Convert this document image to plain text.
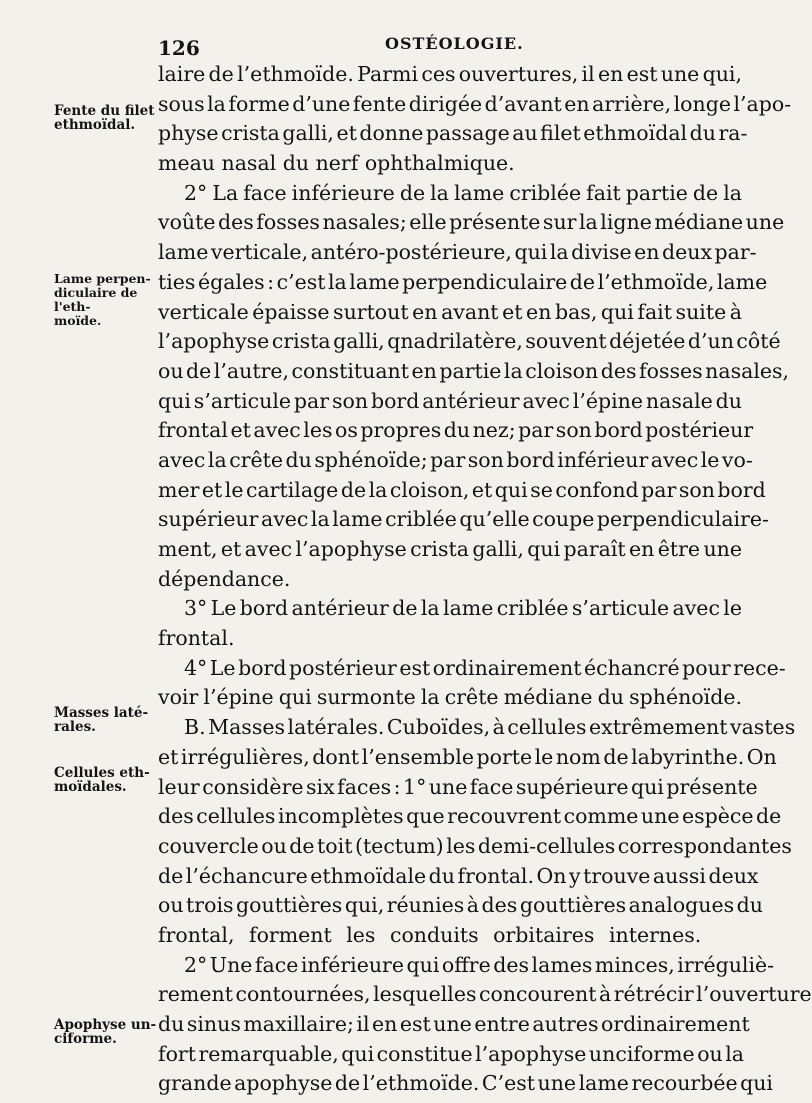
126	OSTÉOLOGIE.
Fente du filet
ethmoïdal.
Lame perpen-
diculaire de l'eth-
moïde.
Masses laté-
rales.
Cellules eth-
moïdales.
Apophyse un-
ciforme.
laire de l’ethmoïde. Parmi ces ouvertures, il en est une qui,
sous la forme d’une fente dirigée d’avant en arrière, longe l’apo-
physe crista galli, et donne passage au filet ethmoïdal du ra-
meau nasal du nerf ophthalmique.
2° La face inférieure de la lame criblée fait partie de la
voûte des fosses nasales; elle présente sur la ligne médiane une
lame verticale, antéro-postérieure, qui la divise en deux par-
ties égales : c’est la lame perpendiculaire de l’ethmoïde, lame
verticale épaisse surtout en avant et en bas, qui fait suite à
l’apophyse crista galli, qnadrilatère, souvent déjetée d’un côté
ou de l’autre, constituant en partie la cloison des fosses nasales,
qui s’articule par son bord antérieur avec l’épine nasale du
frontal et avec les os propres du nez; par son bord postérieur
avec la crête du sphénoïde; par son bord inférieur avec le vo-
mer et le cartilage de la cloison, et qui se confond par son bord
supérieur avec la lame criblée qu’elle coupe perpendiculaire-
ment, et avec l’apophyse crista galli, qui paraît en être une
dépendance.
3° Le bord antérieur de la lame criblée s’articule avec le
frontal.
4° Le bord postérieur est ordinairement échancré pour rece-
voir l’épine qui surmonte la crête médiane du sphénoïde.
B. Masses latérales. Cuboïdes, à cellules extrêmement vastes
et irrégulières, dont l’ensemble porte le nom de labyrinthe. On
leur considère six faces : 1° une face supérieure qui présente
des cellules incomplètes que recouvrent comme une espèce de
couvercle ou de toit (tectum) les demi-cellules correspondantes
de l’échancure ethmoïdale du frontal. On y trouve aussi deux
ou trois gouttières qui, réunies à des gouttières analogues du
frontal, forment les conduits orbitaires internes.
2° Une face inférieure qui offre des lames minces, irréguliè-
rement contournées, lesquelles concourent à rétrécir l’ouverture
du sinus maxillaire; il en est une entre autres ordinairement
fort remarquable, qui constitue l’apophyse unciforme ou la
grande apophyse de l’ethmoïde. C’est une lame recourbée qui
